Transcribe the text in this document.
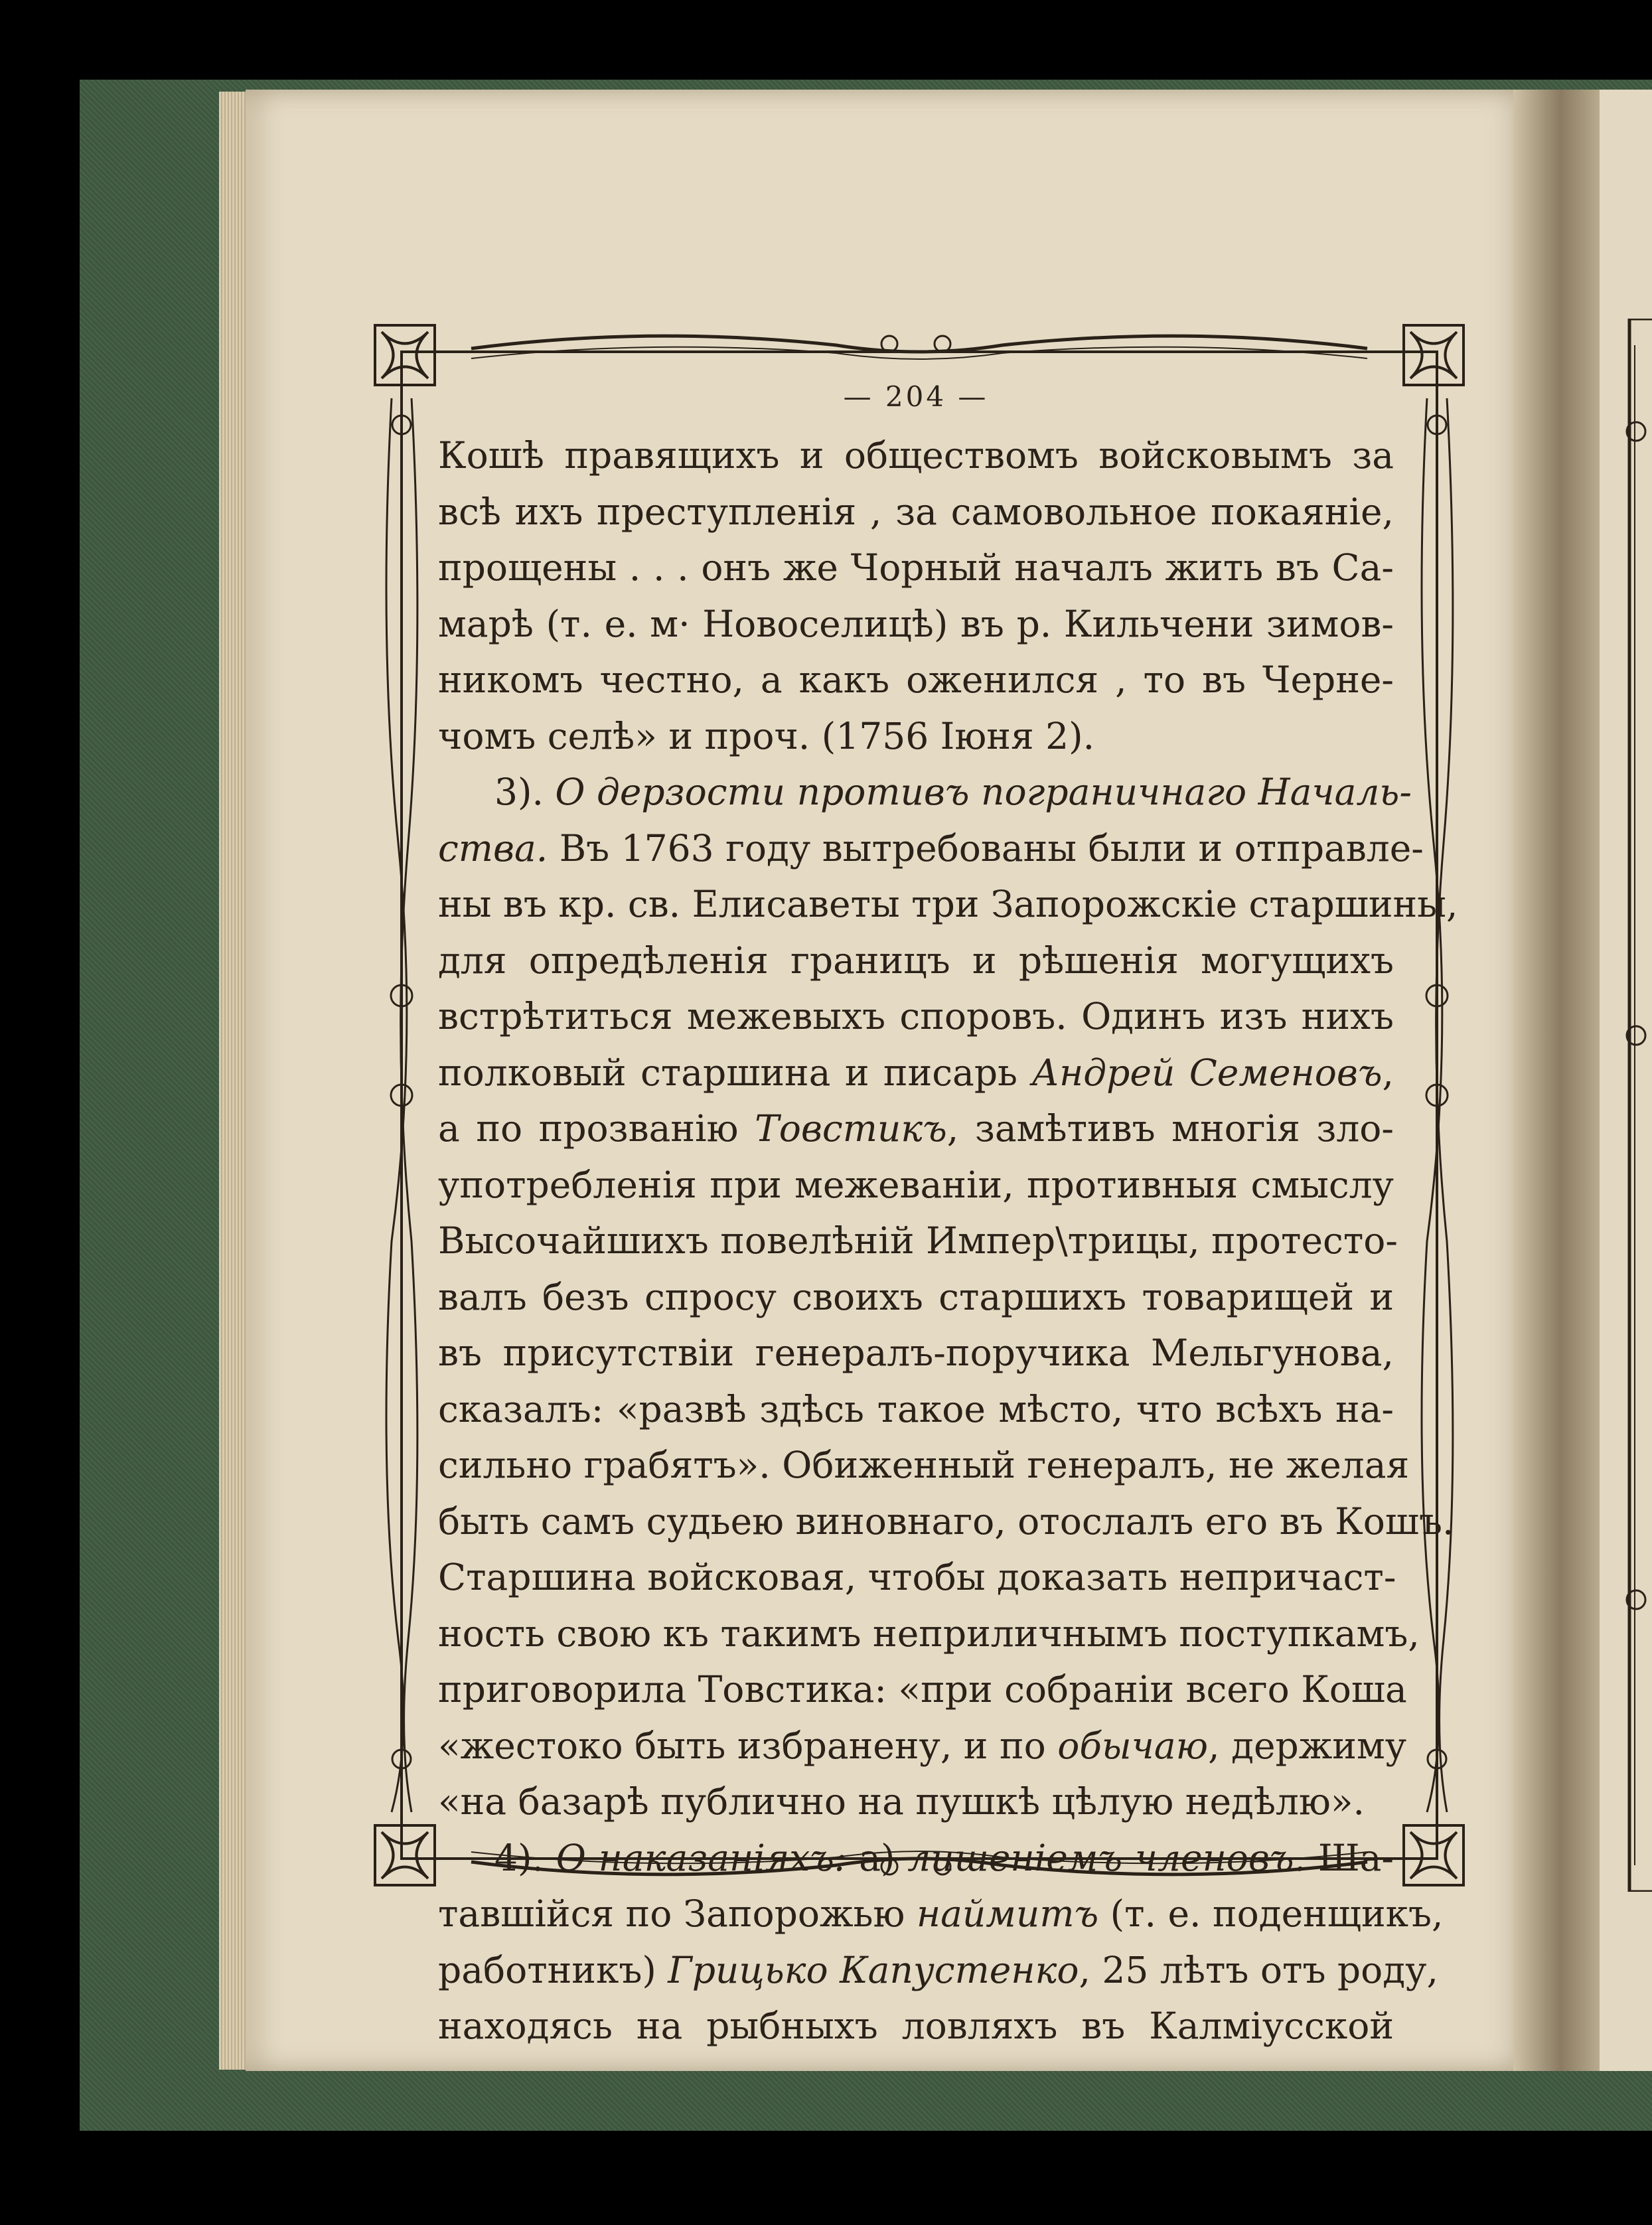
— 204 —
Кошѣ правящихъ и обществомъ войсковымъ за
всѣ ихъ преступленія , за самовольное покаяніе,
прощены . . . онъ же Чорный началъ жить въ Са-
марѣ (т. е. м· Новоселицѣ) въ р. Кильчени зимов-
никомъ честно, а какъ оженился , то въ Черне-
чомъ селѣ» и проч. (1756 Іюня 2).
3). О дерзости противъ пограничнаго Началь-
ства. Въ 1763 году вытребованы были и отправле-
ны въ кр. св. Елисаветы три Запорожскіе старшины,
для опредѣленія границъ и рѣшенія могущихъ
встрѣтиться межевыхъ споровъ. Одинъ изъ нихъ
полковый старшина и писарь Андрей Семеновъ,
а по прозванію Товстикъ, замѣтивъ многія зло-
употребленія при межеваніи, противныя смыслу
Высочайшихъ повелѣній Импер\трицы, протесто-
валъ безъ спросу своихъ старшихъ товарищей и
въ присутствіи генералъ-поручика Мельгунова,
сказалъ: «развѣ здѣсь такое мѣсто, что всѣхъ на-
сильно грабятъ». Обиженный генералъ, не желая
быть самъ судьею виновнаго, отослалъ его въ Кошъ.
Старшина войсковая, чтобы доказать непричаст-
ность свою къ такимъ неприличнымъ поступкамъ,
приговорила Товстика: «при собраніи всего Коша
«жестоко быть избранену, и по обычаю, держиму
«на базарѣ публично на пушкѣ цѣлую недѣлю».
4). О наказаніяхъ: а) лишеніемъ членовъ. Ша-
тавшійся по Запорожью наймитъ (т. е. поденщикъ,
работникъ) Грицько Капустенко, 25 лѣтъ отъ роду,
находясь на рыбныхъ ловляхъ въ Калміусской
